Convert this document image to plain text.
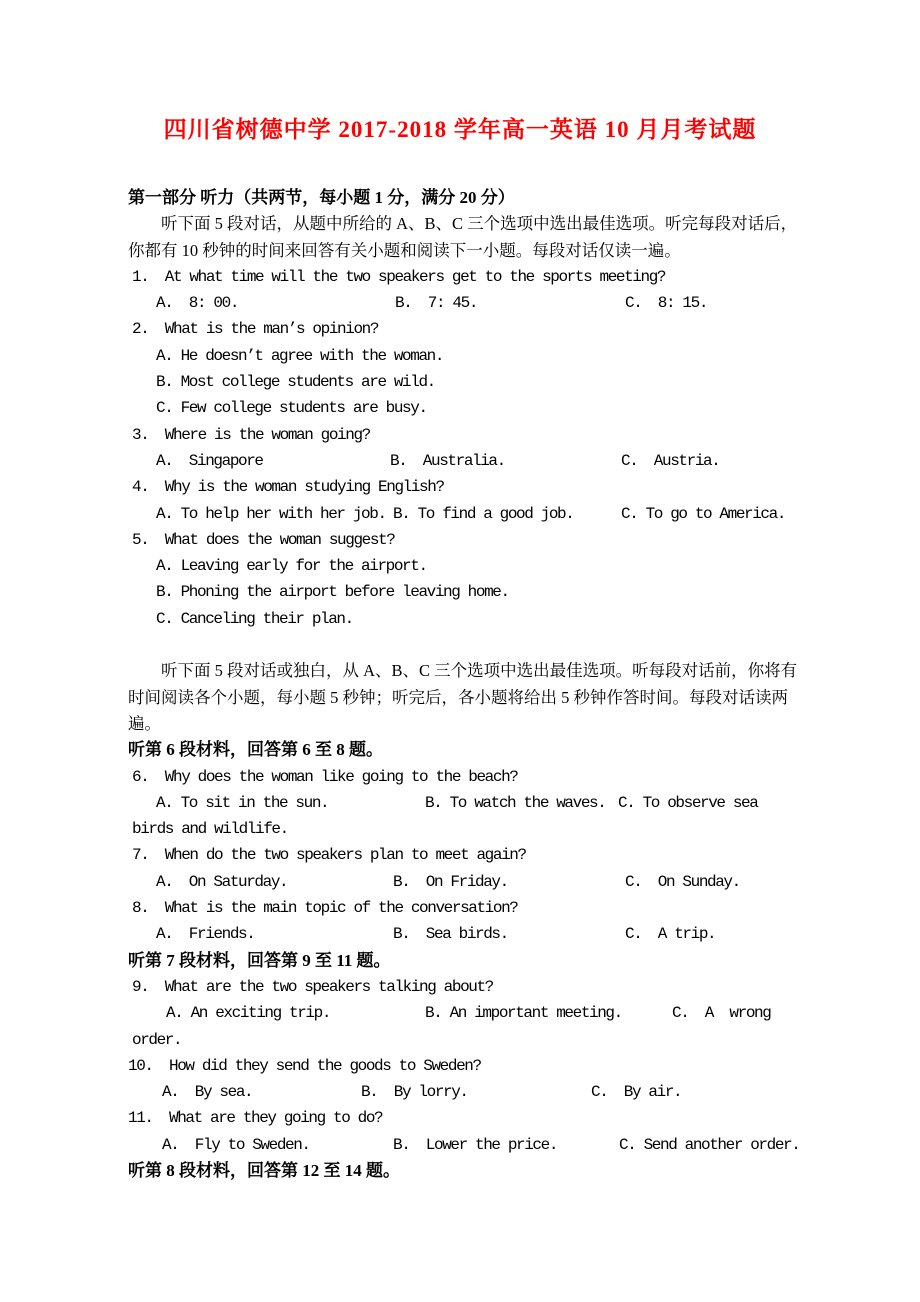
四川省树德中学 2017-2018 学年高一英语 10 月月考试题
第一部分 听力（共两节，每小题 1 分，满分 20 分）
听下面 5 段对话，从题中所给的 A、B、C 三个选项中选出最佳选项。听完每段对话后，
你都有 10 秒钟的时间来回答有关小题和阅读下一小题。每段对话仅读一遍。
1.  At what time will the two speakers get to the sports meeting?
A.  8: 00.	B.  7: 45.	C.  8: 15.
2.  What is the man’s opinion?
A. He doesn’t agree with the woman.
B. Most college students are wild.
C. Few college students are busy.
3.  Where is the woman going?
A.  Singapore	B.  Australia.	C.  Austria.
4.  Why is the woman studying English?
A. To help her with her job. B. To find a good job.	C. To go to America.
5.  What does the woman suggest?
A. Leaving early for the airport.
B. Phoning the airport before leaving home.
C. Canceling their plan.
听下面 5 段对话或独白，从 A、B、C 三个选项中选出最佳选项。听每段对话前，你将有
时间阅读各个小题，每小题 5 秒钟；听完后，各小题将给出 5 秒钟作答时间。每段对话读两
遍。
听第 6 段材料，回答第 6 至 8 题。
6.  Why does the woman like going to the beach?
A. To sit in the sun.	B. To watch the waves. C. To observe sea
birds and wildlife.
7.  When do the two speakers plan to meet again?
A.  On Saturday.	B.  On Friday.	C.  On Sunday.
8.  What is the main topic of the conversation?
A.  Friends.	B.  Sea birds.	C.  A trip.
听第 7 段材料，回答第 9 至 11 题。
9.  What are the two speakers talking about?
A. An exciting trip.	B. An important meeting.	C.  A  wrong
order.
10.  How did they send the goods to Sweden?
A.  By sea.	B.  By lorry.	C.  By air.
11.  What are they going to do?
A.  Fly to Sweden.	B.  Lower the price.	C. Send another order.
听第 8 段材料，回答第 12 至 14 题。
